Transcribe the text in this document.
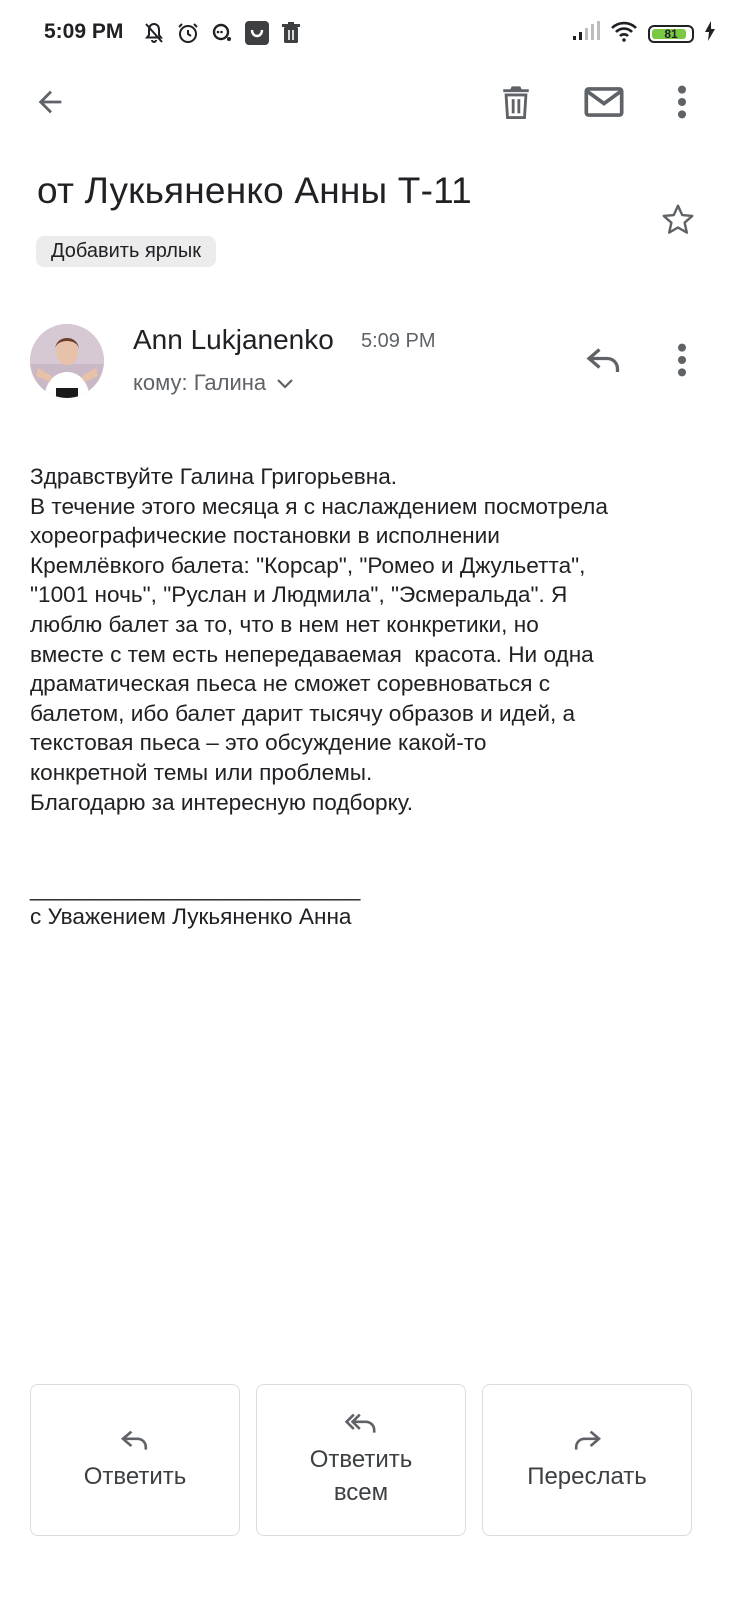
5:09 PM	81
от Лукьяненко Анны Т-11
Добавить ярлык
Ann Lukjanenko 5:09 PM
кому: Галина

Здравствуйте Галина Григорьевна.

В течение этого месяца я с наслаждением посмотрела

хореографические постановки в исполнении

Кремлёвкого балета: "Корсар", "Ромео и Джульетта",

"1001 ночь", "Руслан и Людмила", "Эсмеральда". Я

люблю балет за то, что в нем нет конкретики, но

вместе с тем есть непередаваемая  красота. Ни одна

драматическая пьеса не сможет соревноваться с

балетом, ибо балет дарит тысячу образов и идей, а

текстовая пьеса – это обсуждение какой-то

конкретной темы или проблемы.

Благодарю за интересную подборку.

___________________________
с Уважением Лукьяненко Анна
Ответить
Ответить
всем
Переслать
